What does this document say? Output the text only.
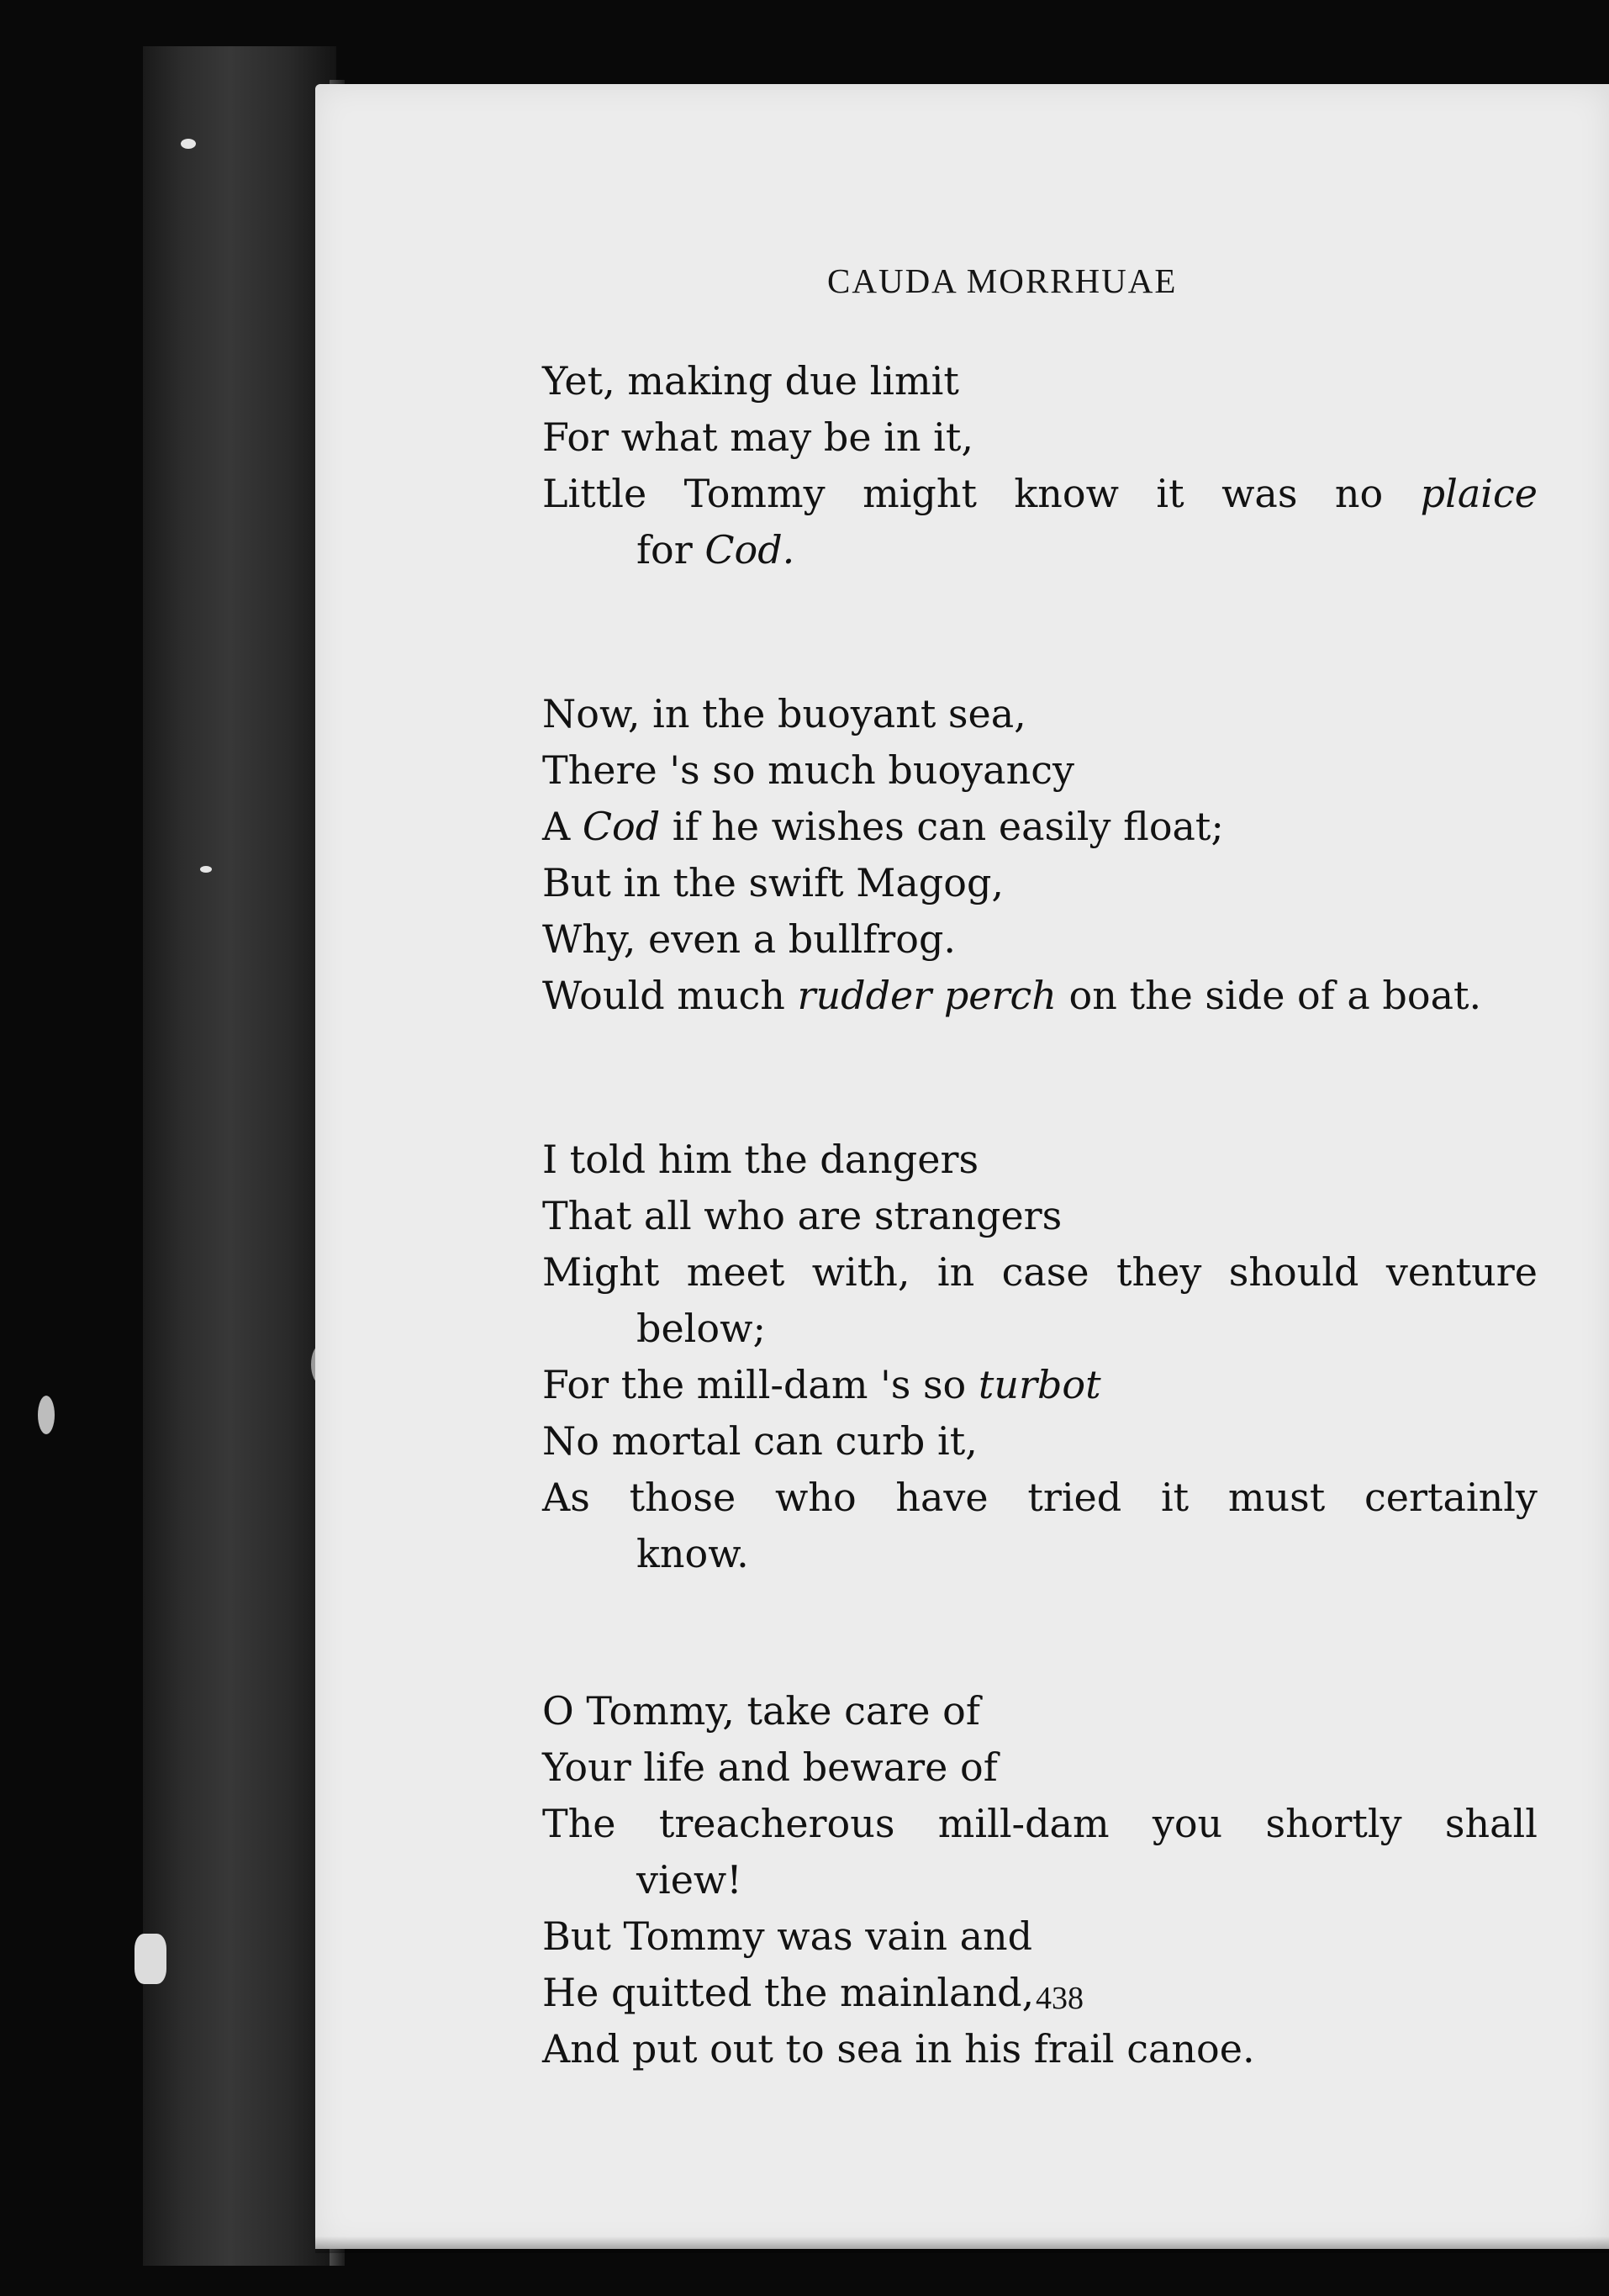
CAUDA MORRHUAE
Yet, making due limit
For what may be in it,
Little Tommy might know it was no plaice
for Cod.
Now, in the buoyant sea,
There 's so much buoyancy
A Cod if he wishes can easily float;
But in the swift Magog,
Why, even a bullfrog.
Would much rudder perch on the side of a boat.
I told him the dangers
That all who are strangers
Might meet with, in case they should venture
below;
For the mill-dam 's so turbot
No mortal can curb it,
As those who have tried it must certainly
know.
O Tommy, take care of
Your life and beware of
The treacherous mill-dam you shortly shall
view!
But Tommy was vain and
He quitted the mainland,
And put out to sea in his frail canoe.
438
